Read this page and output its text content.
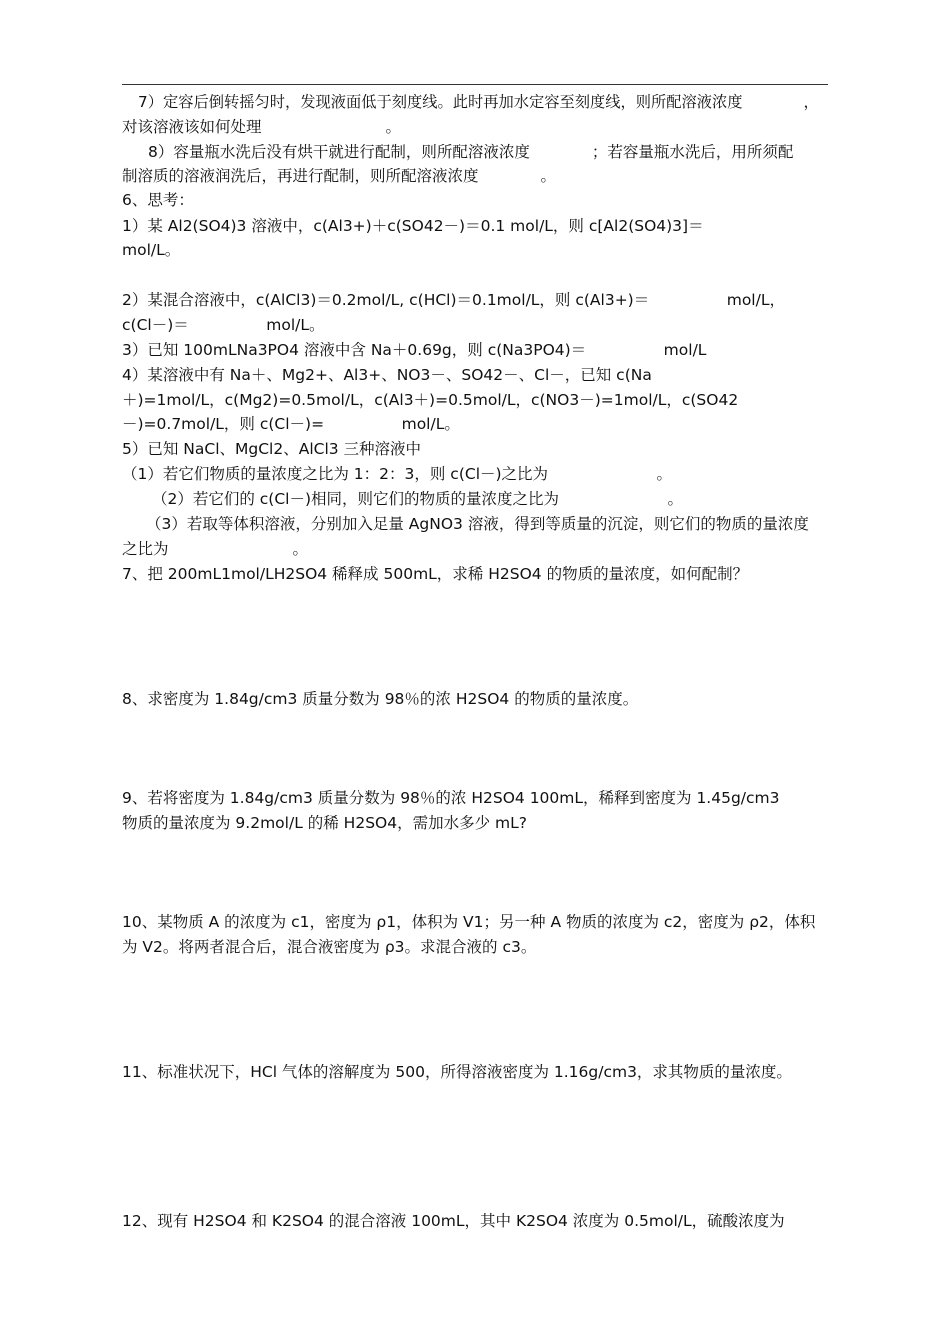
7）定容后倒转摇匀时，发现液面低于刻度线。此时再加水定容至刻度线，则所配溶液浓度　　　　，
对该溶液该如何处理　　　　　　　　。
8）容量瓶水洗后没有烘干就进行配制，则所配溶液浓度　　　　；若容量瓶水洗后，用所须配
制溶质的溶液润洗后，再进行配制，则所配溶液浓度　　　　。
6、思考：
1）某 Al2(SO4)3 溶液中，c(Al3+)＋c(SO42－)＝0.1 mol/L，则 c[Al2(SO4)3]＝
mol/L。
2）某混合溶液中，c(AlCl3)＝0.2mol/L, c(HCl)＝0.1mol/L，则 c(Al3+)＝　　　　　mol/L，
c(Cl－)＝　　　　　mol/L。
3）已知 100mLNa3PO4 溶液中含 Na＋0.69g，则 c(Na3PO4)＝　　　　　mol/L
4）某溶液中有 Na＋、Mg2+、Al3+、NO3－、SO42－、Cl－，已知 c(Na
＋)=1mol/L，c(Mg2)=0.5mol/L，c(Al3＋)=0.5mol/L，c(NO3－)=1mol/L，c(SO42
－)=0.7mol/L，则 c(Cl－)=　　　　　mol/L。
5）已知 NaCl、MgCl2、AlCl3 三种溶液中
（1）若它们物质的量浓度之比为 1：2：3，则 c(Cl－)之比为　　　　　　　。
（2）若它们的 c(Cl－)相同，则它们的物质的量浓度之比为　　　　　　　。
（3）若取等体积溶液，分别加入足量 AgNO3 溶液，得到等质量的沉淀，则它们的物质的量浓度
之比为　　　　　　　　。
7、把 200mL1mol/LH2SO4 稀释成 500mL，求稀 H2SO4 的物质的量浓度，如何配制？
8、求密度为 1.84g/cm3 质量分数为 98％的浓 H2SO4 的物质的量浓度。
9、若将密度为 1.84g/cm3 质量分数为 98％的浓 H2SO4 100mL，稀释到密度为 1.45g/cm3
物质的量浓度为 9.2mol/L 的稀 H2SO4，需加水多少 mL?
10、某物质 A 的浓度为 c1，密度为 ρ1，体积为 V1；另一种 A 物质的浓度为 c2，密度为 ρ2，体积
为 V2。将两者混合后，混合液密度为 ρ3。求混合液的 c3。
11、标准状况下，HCl 气体的溶解度为 500，所得溶液密度为 1.16g/cm3，求其物质的量浓度。
12、现有 H2SO4 和 K2SO4 的混合溶液 100mL，其中 K2SO4 浓度为 0.5mol/L，硫酸浓度为
